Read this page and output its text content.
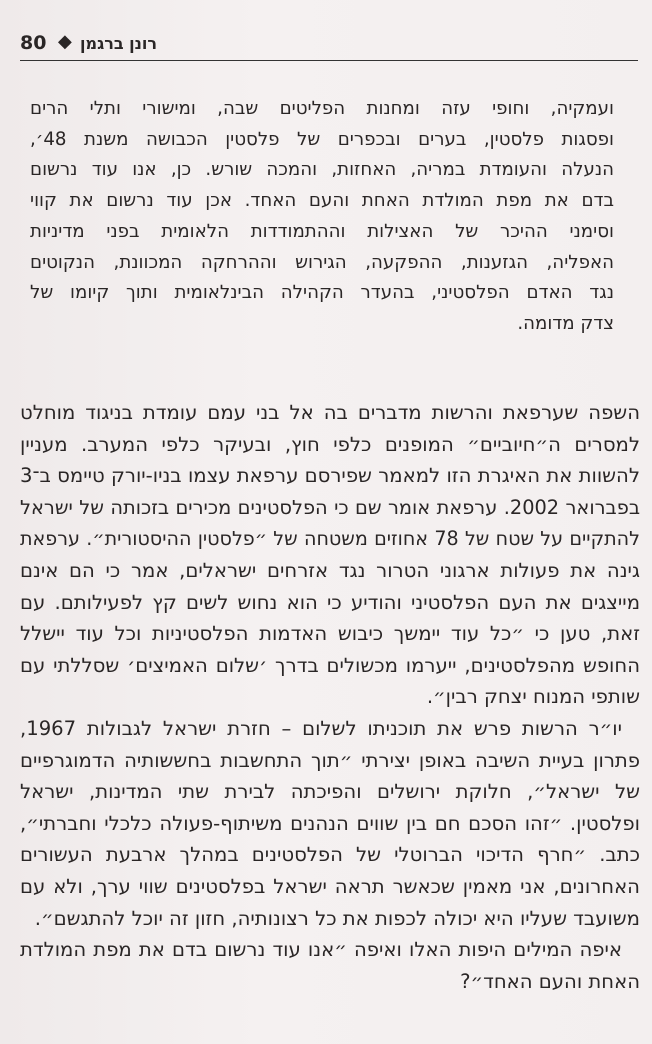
80 ◆ רונן ברגמן
ועמקיה, וחופי עזה ומחנות הפליטים שבה, ומישורי ותלי הרים
ופסגות פלסטין, בערים ובכפרים של פלסטין הכבושה משנת 48׳,
הנעלה והעומדת במריה, האחזות, והמכה שורש. כן, אנו עוד נרשום
בדם את מפת המולדת האחת והעם האחד. אכן עוד נרשום את קווי
וסימני ההיכר של האצילות וההתמודדות הלאומית בפני מדיניות
האפליה, הגזענות, ההפקעה, הגירוש וההרחקה המכוונת, הנקוטים
נגד האדם הפלסטיני, בהעדר הקהילה הבינלאומית ותוך קיומו של
צדק מדומה.
השפה שערפאת והרשות מדברים בה אל בני עמם עומדת בניגוד מוחלט
למסרים ה״חיוביים״ המופנים כלפי חוץ, ובעיקר כלפי המערב. מעניין
להשוות את האיגרת הזו למאמר שפירסם ערפאת עצמו בניו-יורק טיימס ב־3
בפברואר 2002. ערפאת אומר שם כי הפלסטינים מכירים בזכותה של ישראל
להתקיים על שטח של 78 אחוזים משטחה של ״פלסטין ההיסטורית״. ערפאת
גינה את פעולות ארגוני הטרור נגד אזרחים ישראלים, אמר כי הם אינם
מייצגים את העם הפלסטיני והודיע כי הוא נחוש לשים קץ לפעילותם. עם
זאת, טען כי ״כל עוד יימשך כיבוש האדמות הפלסטיניות וכל עוד יישלל
החופש מהפלסטינים, ייערמו מכשולים בדרך ׳שלום האמיצים׳ שסללתי עם
שותפי המנוח יצחק רבין״.
יו״ר הרשות פרש את תוכניתו לשלום – חזרת ישראל לגבולות 1967,
פתרון בעיית השיבה באופן יצירתי ״תוך התחשבות בחששותיה הדמוגרפיים
של ישראל״, חלוקת ירושלים והפיכתה לבירת שתי המדינות, ישראל
ופלסטין. ״זהו הסכם חם בין שווים הנהנים משיתוף-פעולה כלכלי וחברתי״,
כתב. ״חרף הדיכוי הברוטלי של הפלסטינים במהלך ארבעת העשורים
האחרונים, אני מאמין שכאשר תראה ישראל בפלסטינים שווי ערך, ולא עם
משועבד שעליו היא יכולה לכפות את כל רצונותיה, חזון זה יוכל להתגשם״.
איפה המילים היפות האלו ואיפה ״אנו עוד נרשום בדם את מפת המולדת
האחת והעם האחד״?
